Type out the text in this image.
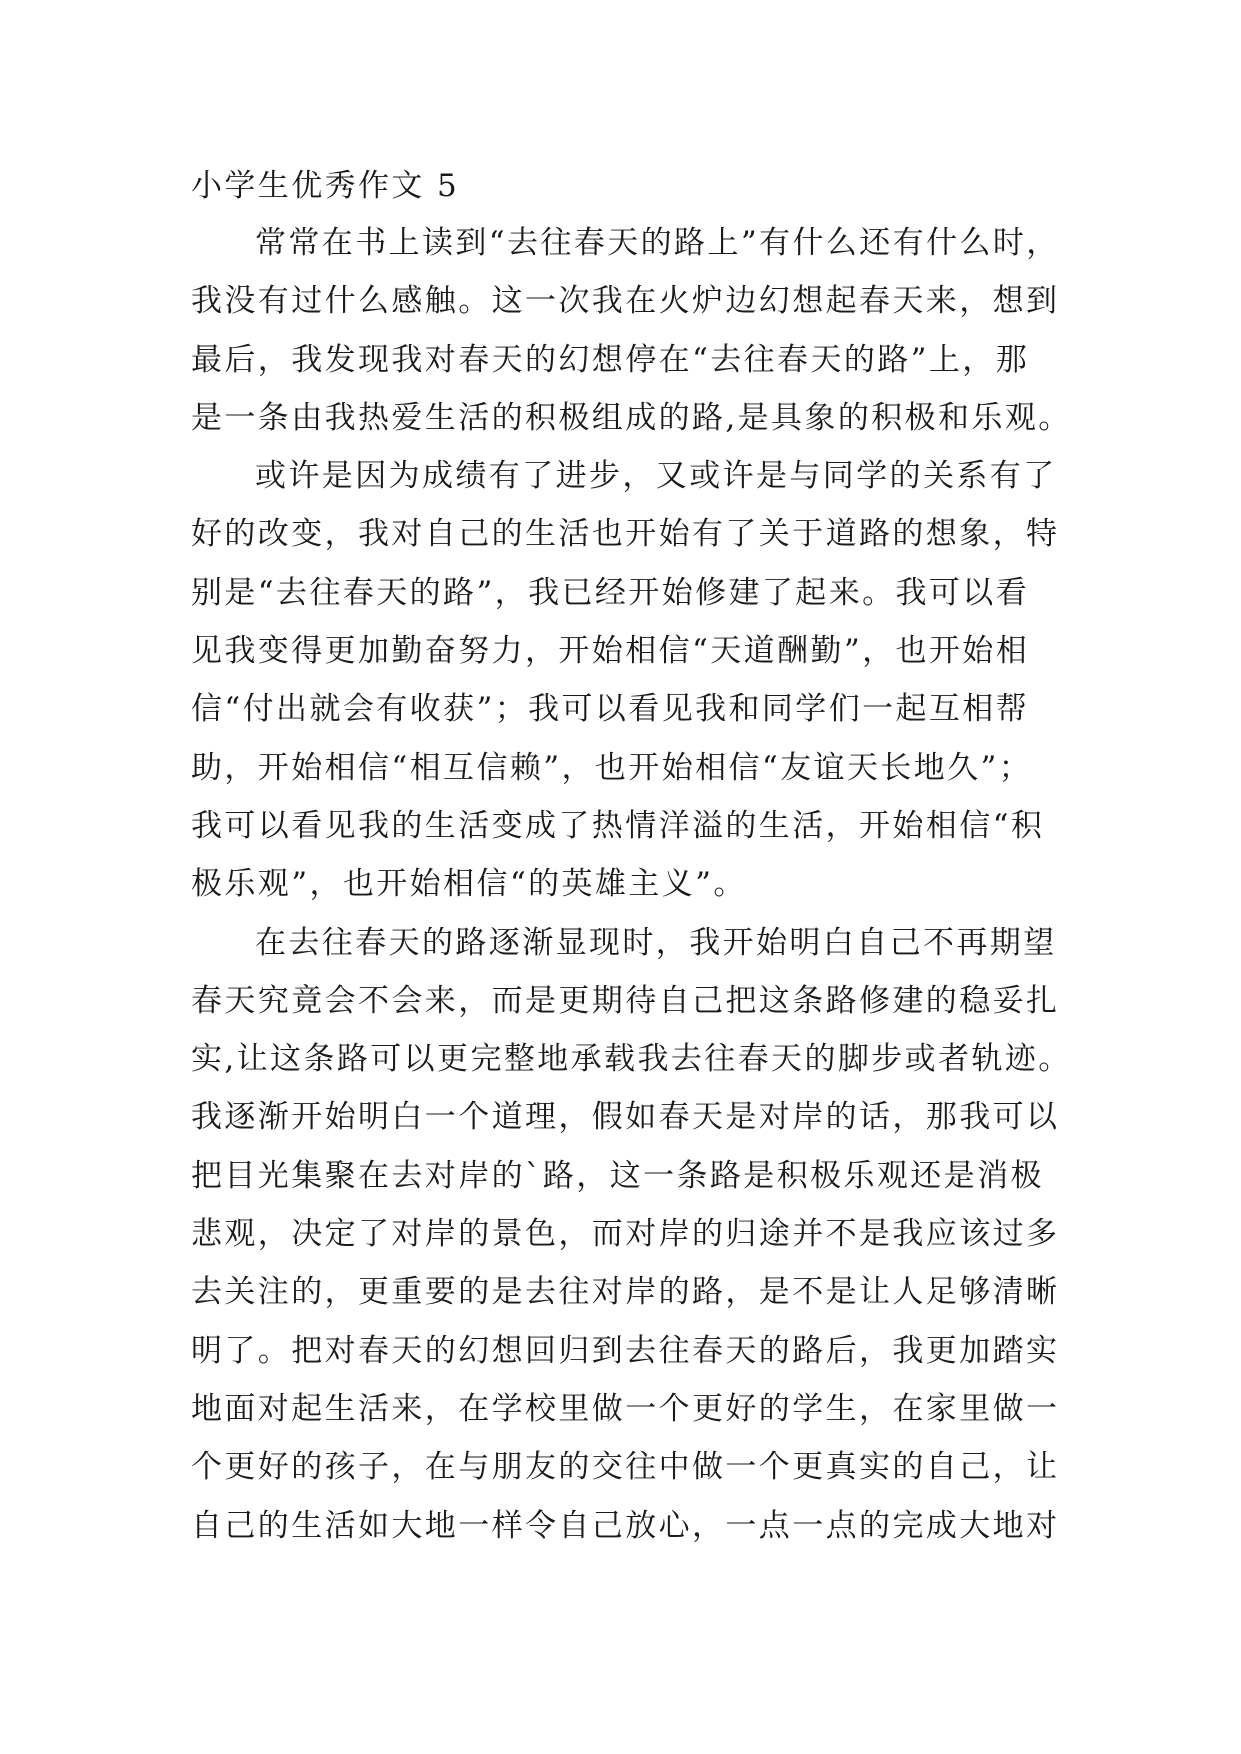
小学生优秀作文 5
常常在书上读到“去往春天的路上”有什么还有什么时，
我没有过什么感触。这一次我在火炉边幻想起春天来，想到
最后，我发现我对春天的幻想停在“去往春天的路”上，那
是一条由我热爱生活的积极组成的路,是具象的积极和乐观。
或许是因为成绩有了进步，又或许是与同学的关系有了
好的改变，我对自己的生活也开始有了关于道路的想象，特
别是“去往春天的路”，我已经开始修建了起来。我可以看
见我变得更加勤奋努力，开始相信“天道酬勤”，也开始相
信“付出就会有收获”；我可以看见我和同学们一起互相帮
助，开始相信“相互信赖”，也开始相信“友谊天长地久”；
我可以看见我的生活变成了热情洋溢的生活，开始相信“积
极乐观”，也开始相信“的英雄主义”。
在去往春天的路逐渐显现时，我开始明白自己不再期望
春天究竟会不会来，而是更期待自己把这条路修建的稳妥扎
实,让这条路可以更完整地承载我去往春天的脚步或者轨迹。
我逐渐开始明白一个道理，假如春天是对岸的话，那我可以
把目光集聚在去对岸的`路，这一条路是积极乐观还是消极
悲观，决定了对岸的景色，而对岸的归途并不是我应该过多
去关注的，更重要的是去往对岸的路，是不是让人足够清晰
明了。把对春天的幻想回归到去往春天的路后，我更加踏实
地面对起生活来，在学校里做一个更好的学生，在家里做一
个更好的孩子，在与朋友的交往中做一个更真实的自己，让
自己的生活如大地一样令自己放心，一点一点的完成大地对
